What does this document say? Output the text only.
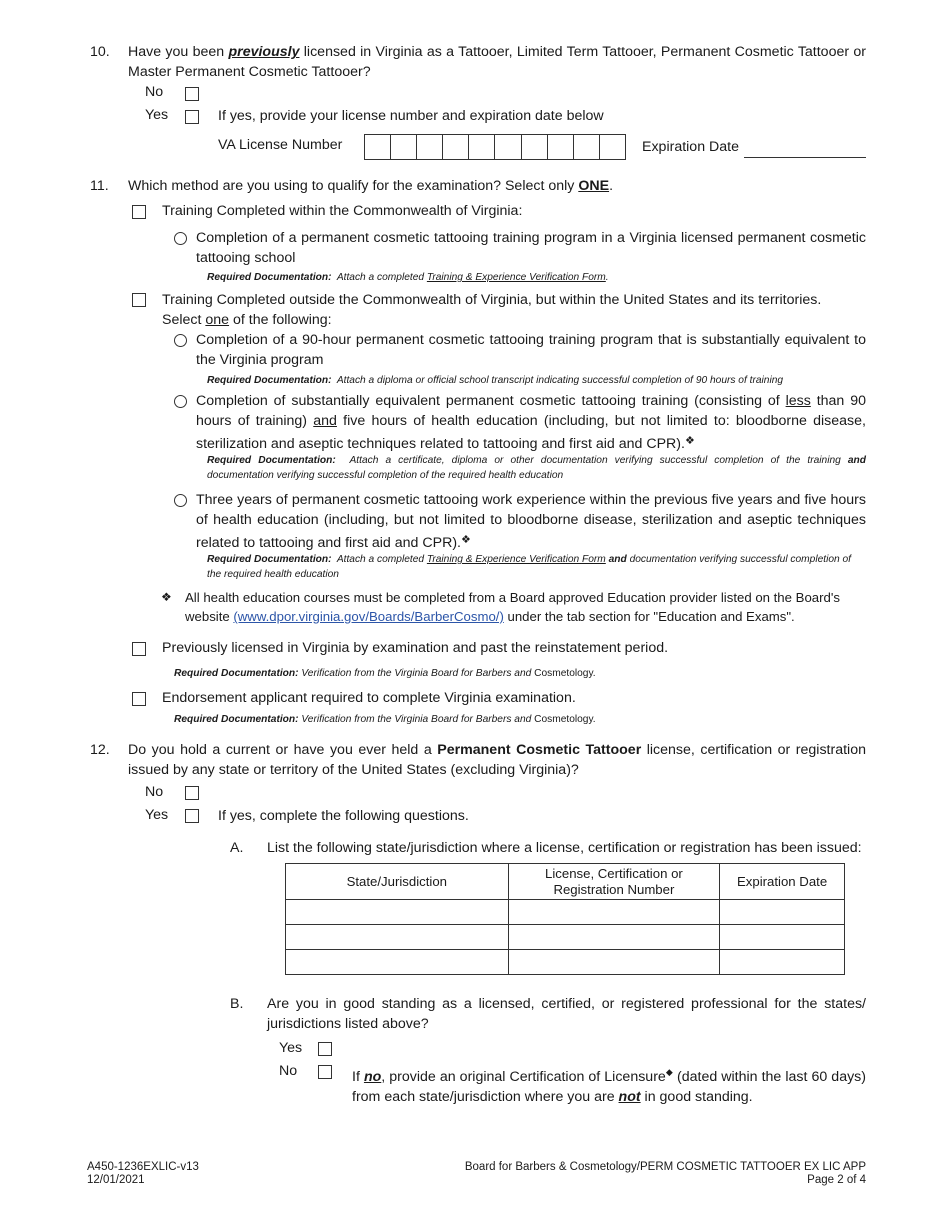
10. Have you been previously licensed in Virginia as a Tattooer, Limited Term Tattooer, Permanent Cosmetic Tattooer or Master Permanent Cosmetic Tattooer?
No
Yes	If yes, provide your license number and expiration date below
VA License Number	Expiration Date
11. Which method are you using to qualify for the examination? Select only ONE.
Training Completed within the Commonwealth of Virginia:
Completion of a permanent cosmetic tattooing training program in a Virginia licensed permanent cosmetic tattooing school
Required Documentation: Attach a completed Training & Experience Verification Form.
Training Completed outside the Commonwealth of Virginia, but within the United States and its territories.
Select one of the following:
Completion of a 90-hour permanent cosmetic tattooing training program that is substantially equivalent to the Virginia program
Required Documentation: Attach a diploma or official school transcript indicating successful completion of 90 hours of training
Completion of substantially equivalent permanent cosmetic tattooing training (consisting of less than 90 hours of training) and five hours of health education (including, but not limited to: bloodborne disease, sterilization and aseptic techniques related to tattooing and first aid and CPR).❖
Required Documentation: Attach a certificate, diploma or other documentation verifying successful completion of the training and documentation verifying successful completion of the required health education
Three years of permanent cosmetic tattooing work experience within the previous five years and five hours of health education (including, but not limited to bloodborne disease, sterilization and aseptic techniques related to tattooing and first aid and CPR).❖
Required Documentation: Attach a completed Training & Experience Verification Form and documentation verifying successful completion of the required health education
❖ All health education courses must be completed from a Board approved Education provider listed on the Board's website (www.dpor.virginia.gov/Boards/BarberCosmo/) under the tab section for "Education and Exams".
Previously licensed in Virginia by examination and past the reinstatement period.
Required Documentation: Verification from the Virginia Board for Barbers and Cosmetology.
Endorsement applicant required to complete Virginia examination.
Required Documentation: Verification from the Virginia Board for Barbers and Cosmetology.
12. Do you hold a current or have you ever held a Permanent Cosmetic Tattooer license, certification or registration issued by any state or territory of the United States (excluding Virginia)?
No
Yes	If yes, complete the following questions.
A. List the following state/jurisdiction where a license, certification or registration has been issued:
State/Jurisdiction	License, Certification or Registration Number	Expiration Date

B. Are you in good standing as a licensed, certified, or registered professional for the states/ jurisdictions listed above?
Yes
No	If no, provide an original Certification of Licensure◆ (dated within the last 60 days) from each state/jurisdiction where you are not in good standing.
A450-1236EXLIC-v13
12/01/2021
Board for Barbers & Cosmetology/PERM COSMETIC TATTOOER EX LIC APP
Page 2 of 4
